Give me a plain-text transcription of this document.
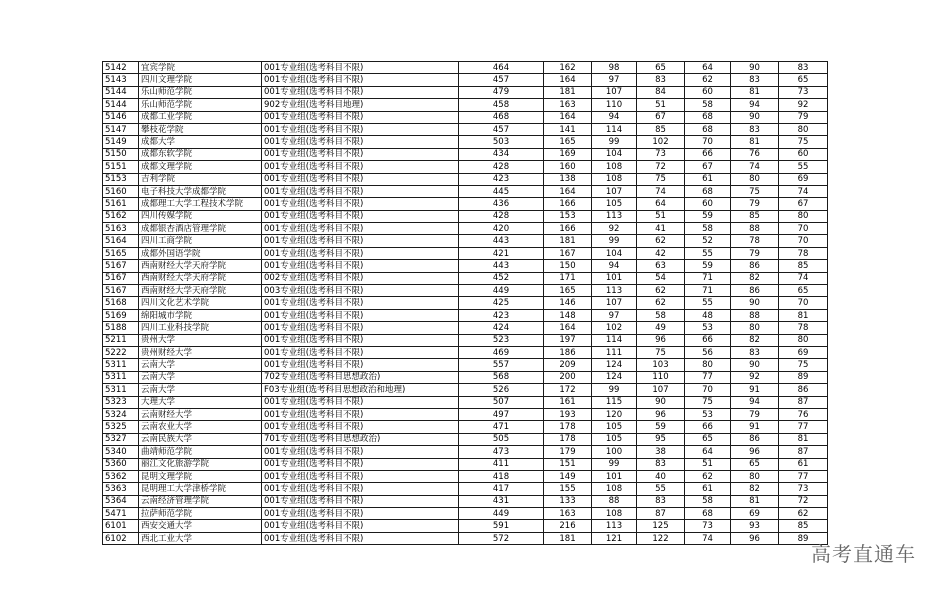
5142	宜宾学院	001专业组(选考科目不限)	464	162	98	65	64	90	83
5143	四川文理学院	001专业组(选考科目不限)	457	164	97	83	62	83	65
5144	乐山师范学院	001专业组(选考科目不限)	479	181	107	84	60	81	73
5144	乐山师范学院	902专业组(选考科目地理)	458	163	110	51	58	94	92
5146	成都工业学院	001专业组(选考科目不限)	468	164	94	67	68	90	79
5147	攀枝花学院	001专业组(选考科目不限)	457	141	114	85	68	83	80
5149	成都大学	001专业组(选考科目不限)	503	165	99	102	70	81	75
5150	成都东软学院	001专业组(选考科目不限)	434	169	104	73	66	76	60
5151	成都文理学院	001专业组(选考科目不限)	428	160	108	72	67	74	55
5153	吉利学院	001专业组(选考科目不限)	423	138	108	75	61	80	69
5160	电子科技大学成都学院	001专业组(选考科目不限)	445	164	107	74	68	75	74
5161	成都理工大学工程技术学院	001专业组(选考科目不限)	436	166	105	64	60	79	67
5162	四川传媒学院	001专业组(选考科目不限)	428	153	113	51	59	85	80
5163	成都银杏酒店管理学院	001专业组(选考科目不限)	420	166	92	41	58	88	70
5164	四川工商学院	001专业组(选考科目不限)	443	181	99	62	52	78	70
5165	成都外国语学院	001专业组(选考科目不限)	421	167	104	42	55	79	78
5167	西南财经大学天府学院	001专业组(选考科目不限)	443	150	94	63	59	86	85
5167	西南财经大学天府学院	002专业组(选考科目不限)	452	171	101	54	71	82	74
5167	西南财经大学天府学院	003专业组(选考科目不限)	449	165	113	62	71	86	65
5168	四川文化艺术学院	001专业组(选考科目不限)	425	146	107	62	55	90	70
5169	绵阳城市学院	001专业组(选考科目不限)	423	148	97	58	48	88	81
5188	四川工业科技学院	001专业组(选考科目不限)	424	164	102	49	53	80	78
5211	贵州大学	001专业组(选考科目不限)	523	197	114	96	66	82	80
5222	贵州财经大学	001专业组(选考科目不限)	469	186	111	75	56	83	69
5311	云南大学	001专业组(选考科目不限)	557	209	124	103	80	90	75
5311	云南大学	702专业组(选考科目思想政治)	568	200	124	110	77	92	89
5311	云南大学	F03专业组(选考科目思想政治和地理)	526	172	99	107	70	91	86
5323	大理大学	001专业组(选考科目不限)	507	161	115	90	75	94	87
5324	云南财经大学	001专业组(选考科目不限)	497	193	120	96	53	79	76
5325	云南农业大学	001专业组(选考科目不限)	471	178	105	59	66	91	77
5327	云南民族大学	701专业组(选考科目思想政治)	505	178	105	95	65	86	81
5340	曲靖师范学院	001专业组(选考科目不限)	473	179	100	38	64	96	87
5360	丽江文化旅游学院	001专业组(选考科目不限)	411	151	99	83	51	65	61
5362	昆明文理学院	001专业组(选考科目不限)	418	149	101	40	62	80	77
5363	昆明理工大学津桥学院	001专业组(选考科目不限)	417	155	108	55	61	82	73
5364	云南经济管理学院	001专业组(选考科目不限)	431	133	88	83	58	81	72
5471	拉萨师范学院	001专业组(选考科目不限)	449	163	108	87	68	69	62
6101	西安交通大学	001专业组(选考科目不限)	591	216	113	125	73	93	85
6102	西北工业大学	001专业组(选考科目不限)	572	181	121	122	74	96	89
高考直通车
